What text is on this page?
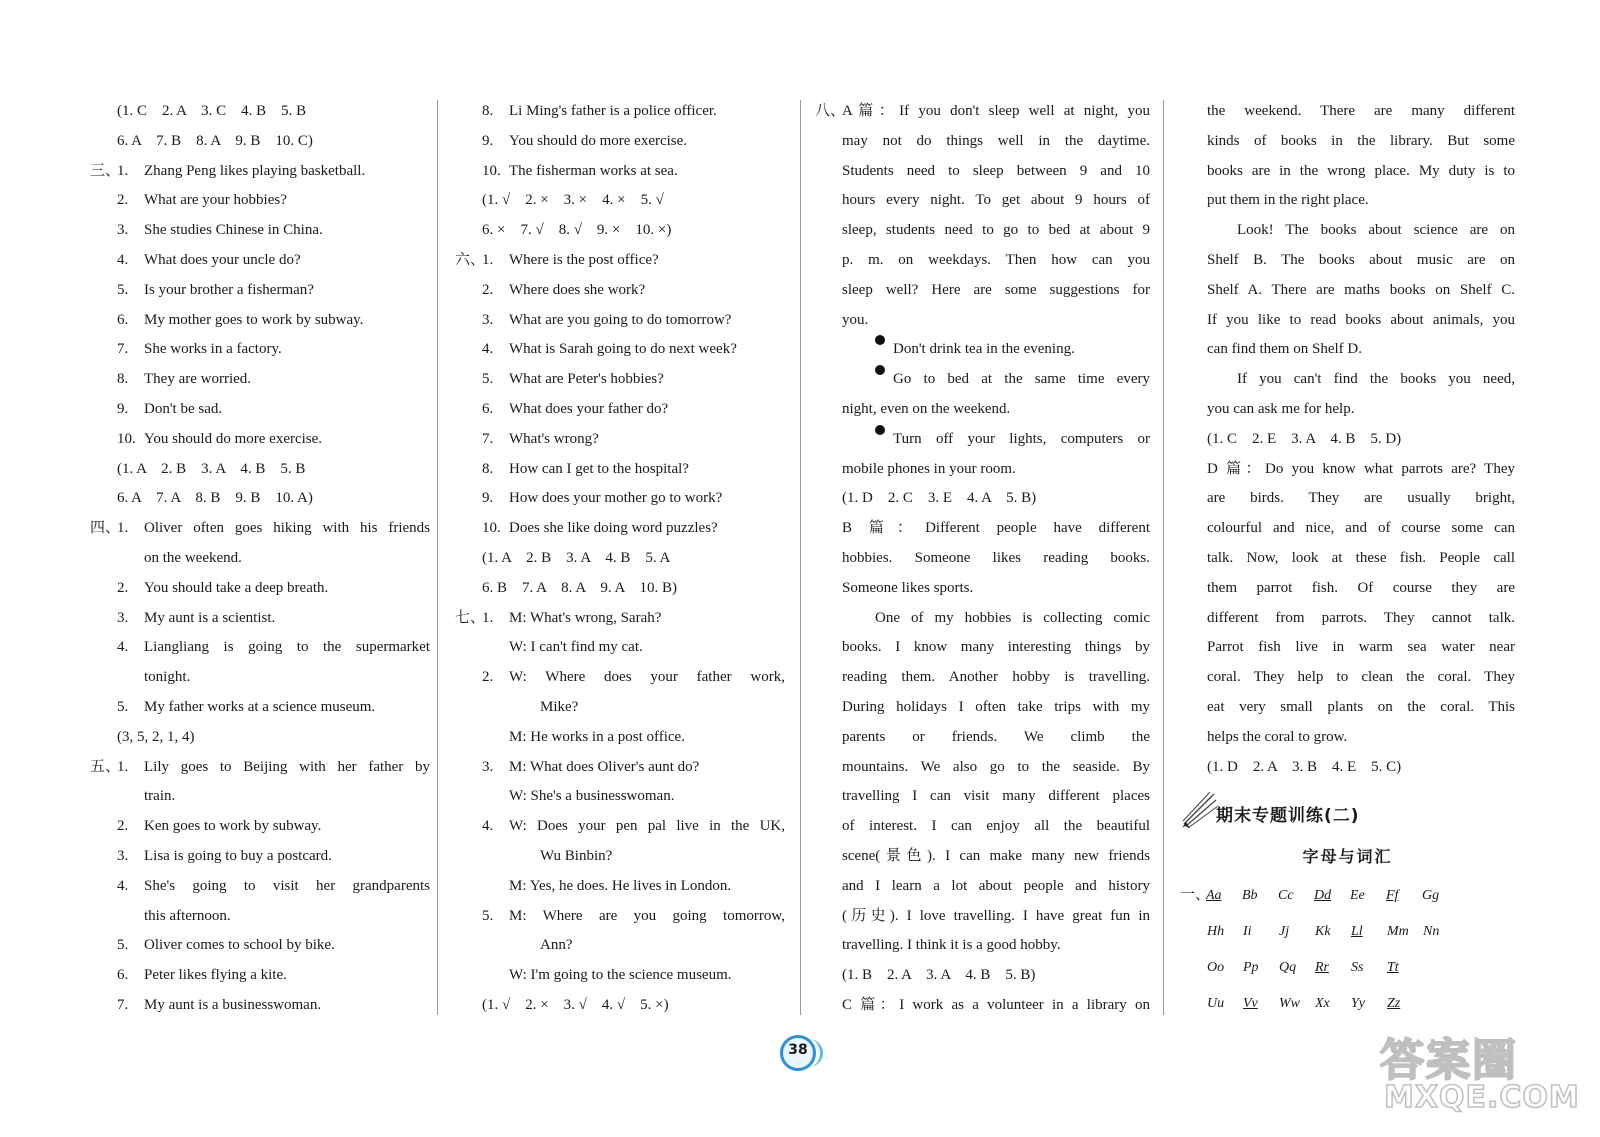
(1. C　2. A　3. C　4. B　5. B
6. A　7. B　8. A　9. B　10. C)
三、
1.	Zhang Peng likes playing basketball.
2.	What are your hobbies?
3.	She studies Chinese in China.
4.	What does your uncle do?
5.	Is your brother a fisherman?
6.	My mother goes to work by subway.
7.	She works in a factory.
8.	They are worried.
9.	Don't be sad.
10. You should do more exercise.
(1. A　2. B　3. A　4. B　5. B
6. A　7. A　8. B　9. B　10. A)
四、
1.	Oliver often goes hiking with his friends
on the weekend.
2.	You should take a deep breath.
3.	My aunt is a scientist.
4.	Liangliang is going to the supermarket
tonight.
5.	My father works at a science museum.
(3, 5, 2, 1, 4)
五、
1.	Lily goes to Beijing with her father by
train.
2.	Ken goes to work by subway.
3.	Lisa is going to buy a postcard.
4.	She's going to visit her grandparents
this afternoon.
5.	Oliver comes to school by bike.
6.	Peter likes flying a kite.
7.	My aunt is a businesswoman.
8.	Li Ming's father is a police officer.
9.	You should do more exercise.
10. The fisherman works at sea.
(1. √　2. ×　3. ×　4. ×　5. √
6. ×　7. √　8. √　9. ×　10. ×)
六、
1.	Where is the post office?
2.	Where does she work?
3.	What are you going to do tomorrow?
4.	What is Sarah going to do next week?
5.	What are Peter's hobbies?
6.	What does your father do?
7.	What's wrong?
8.	How can I get to the hospital?
9.	How does your mother go to work?
10. Does she like doing word puzzles?
(1. A　2. B　3. A　4. B　5. A
6. B　7. A　8. A　9. A　10. B)
七、
1.	M: What's wrong, Sarah?
W: I can't find my cat.
2.	W: Where does your father work,
Mike?
M: He works in a post office.
3.	M: What does Oliver's aunt do?
W: She's a businesswoman.
4.	W: Does your pen pal live in the UK,
Wu Binbin?
M: Yes, he does. He lives in London.
5.	M: Where are you going tomorrow,
Ann?
W: I'm going to the science museum.
(1. √　2. ×　3. √　4. √　5. ×)
八、
A篇：If you don't sleep well at night, you
may not do things well in the daytime.
Students need to sleep between 9 and 10
hours every night. To get about 9 hours of
sleep, students need to go to bed at about 9
p. m. on weekdays. Then how can you
sleep well? Here are some suggestions for
you.
Don't drink tea in the evening.
Go to bed at the same time every
night, even on the weekend.
Turn off your lights, computers or
mobile phones in your room.
(1. D　2. C　3. E　4. A　5. B)
B 篇：Different people have different
hobbies. Someone likes reading books.
Someone likes sports.
One of my hobbies is collecting comic
books. I know many interesting things by
reading them. Another hobby is travelling.
During holidays I often take trips with my
parents or friends. We climb the
mountains. We also go to the seaside. By
travelling I can visit many different places
of interest. I can enjoy all the beautiful
scene(景色). I can make many new friends
and I learn a lot about people and history
(历史). I love travelling. I have great fun in
travelling. I think it is a good hobby.
(1. B　2. A　3. A　4. B　5. B)
C 篇：I work as a volunteer in a library on
the weekend. There are many different
kinds of books in the library. But some
books are in the wrong place. My duty is to
put them in the right place.
Look! The books about science are on
Shelf B. The books about music are on
Shelf A. There are maths books on Shelf C.
If you like to read books about animals, you
can find them on Shelf D.
If you can't find the books you need,
you can ask me for help.
(1. C　2. E　3. A　4. B　5. D)
D 篇：Do you know what parrots are? They
are birds. They are usually bright,
colourful and nice, and of course some can
talk. Now, look at these fish. People call
them parrot fish. Of course they are
different from parrots. They cannot talk.
Parrot fish live in warm sea water near
coral. They help to clean the coral. They
eat very small plants on the coral. This
helps the coral to grow.
(1. D　2. A　3. B　4. E　5. C)
期末专题训练(二)
字母与词汇
一、
Aa	Bb	Cc	Dd	Ee	Ff	Gg
Hh	Ii	Jj	Kk	Ll	Mm	Nn
Oo	Pp	Qq	Rr	Ss	Tt
Uu	Vv	Ww	Xx	Yy	Zz
38	答案圈
MXQE.COM
